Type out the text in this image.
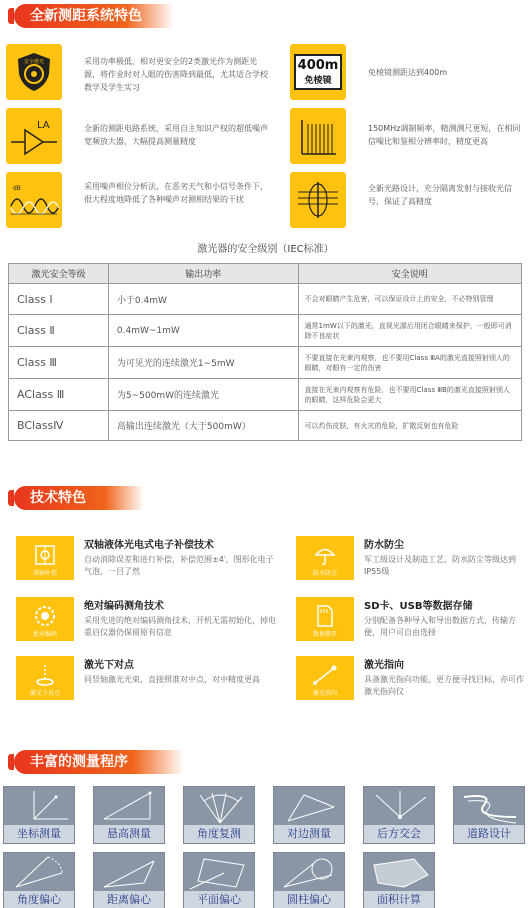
全新测距系统特色
安全激光	采用功率极低、相对更安全的2类激光作为测距光源，将作业时对人眼的伤害降到最低，尤其适合学校教学及学生实习
400m
免棱镜
免棱镜测距达到400m
LA	全新的测距电路系统，采用自主知识产权的超低噪声宽频放大器，大幅提高测量精度
150MHz调制频率，精测测尺更短，在相同信噪比和鉴相分辨率时，精度更高
dB	采用噪声相位分析法，在恶劣天气和小信号条件下，很大程度地降低了各种噪声对测相结果的干扰
全新光路设计，充分隔离发射与接收光信号，保证了高精度
激光器的安全级别（IEC标准）
激光安全等级	输出功率	安全说明
Class Ⅰ	小于0.4mW	不会对眼睛产生危害，可以保证设计上的安全，不必特别管理
Class Ⅱ	0.4mW~1mW	通常1mW以下的激光，直视光源后用闭合眼睛来保护，一般即可消除不良症状
Class Ⅲ	为可见光的连续激光1~5mW	不要直接在光束内观察，也不要用Class ⅢA的激光直接照射别人的眼睛，对眼有一定的伤害
AClass Ⅲ	为5~500mW的连续激光	直接在光束内观察有危险，也不要用Class ⅢB的激光直接照射别人的眼睛，这样危险会更大
BClassⅣ	高输出连续激光（大于500mW）	可以灼伤皮肤，有火灾的危险，扩散反射也有危险
技术特色
双轴补偿
双轴液体光电式电子补偿技术
自动消除误差和进行补偿，补偿范围±4′，图形化电子气泡，一目了然	防水防尘
防水防尘
军工级设计及制造工艺，防水防尘等级达到IP55级
绝对编码
绝对编码测角技术
采用先进的绝对编码测角技术，开机无需初始化，掉电重启仪器仍保留原有信息	数据储存
SD卡、USB等数据存储
分别配备各种导入和导出数据方式，传输方便，用户可自由选择
激光下对点
激光下对点
同竖轴激光光束，直接照准对中点，对中精度更高
激光指向
激光指向
具备激光指向功能，更方便寻找目标，亦可作激光指向仪
丰富的测量程序
坐标测量	悬高测量	角度复测	对边测量	后方交会	道路设计
角度偏心	距离偏心	平面偏心	圆柱偏心	面积计算
